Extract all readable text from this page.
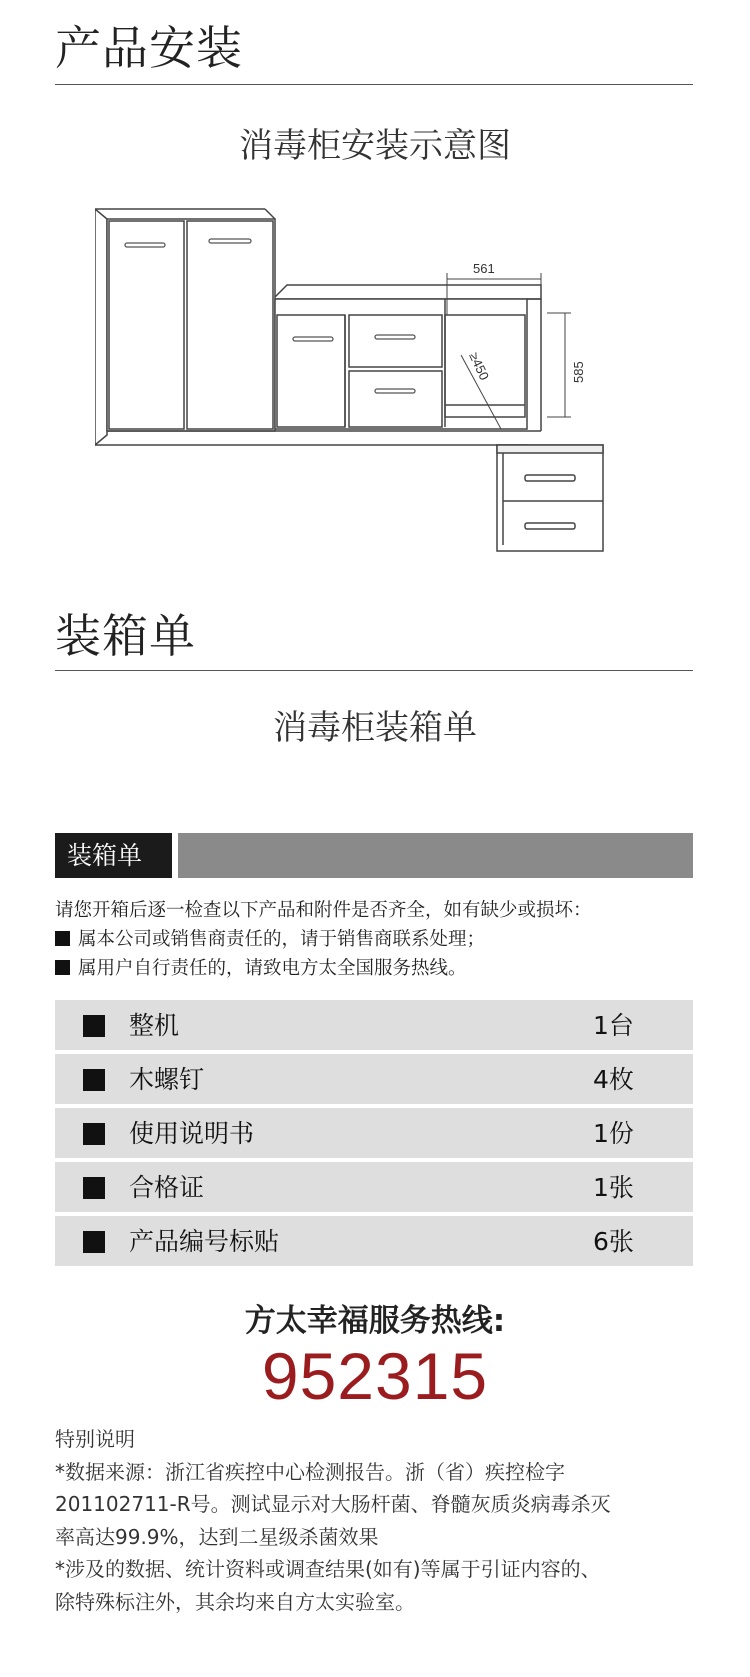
产品安装
消毒柜安装示意图
561
585
≥450
装箱单
消毒柜装箱单
装箱单
请您开箱后逐一检查以下产品和附件是否齐全，如有缺少或损坏：
属本公司或销售商责任的，请于销售商联系处理；
属用户自行责任的，请致电方太全国服务热线。
整机	1台
木螺钉	4枚
使用说明书	1份
合格证	1张
产品编号标贴	6张
方太幸福服务热线:
952315
特别说明
*数据来源：浙江省疾控中心检测报告。浙（省）疾控检字
201102711-R号。测试显示对大肠杆菌、脊髓灰质炎病毒杀灭
率高达99.9%，达到二星级杀菌效果
*涉及的数据、统计资料或调查结果(如有)等属于引证内容的、
除特殊标注外，其余均来自方太实验室。
